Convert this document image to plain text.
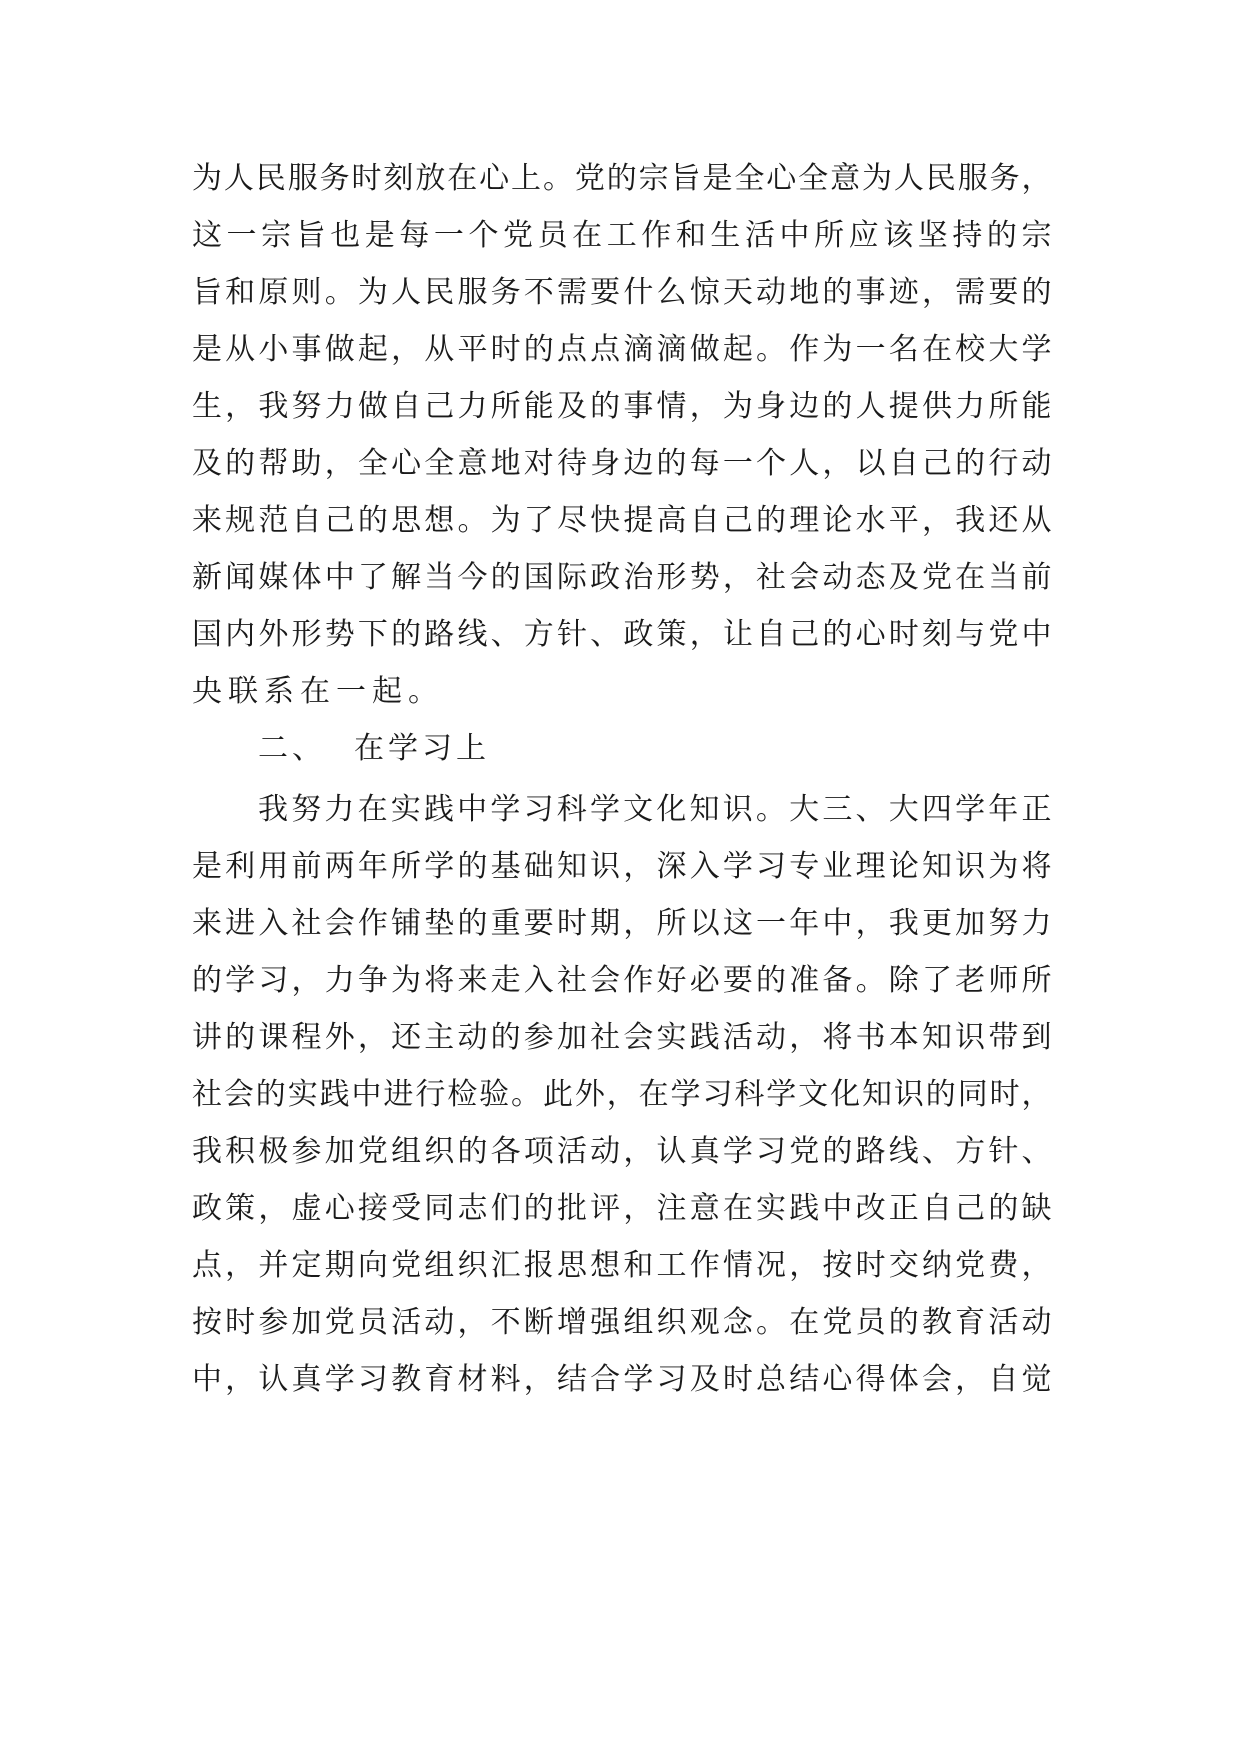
为人民服务时刻放在心上。党的宗旨是全心全意为人民服务，
这一宗旨也是每一个党员在工作和生活中所应该坚持的宗
旨和原则。为人民服务不需要什么惊天动地的事迹，需要的
是从小事做起，从平时的点点滴滴做起。作为一名在校大学
生，我努力做自己力所能及的事情，为身边的人提供力所能
及的帮助，全心全意地对待身边的每一个人，以自己的行动
来规范自己的思想。为了尽快提高自己的理论水平，我还从
新闻媒体中了解当今的国际政治形势，社会动态及党在当前
国内外形势下的路线、方针、政策，让自己的心时刻与党中
央联系在一起。
二、 在学习上
我努力在实践中学习科学文化知识。大三、大四学年正
是利用前两年所学的基础知识，深入学习专业理论知识为将
来进入社会作铺垫的重要时期，所以这一年中，我更加努力
的学习，力争为将来走入社会作好必要的准备。除了老师所
讲的课程外，还主动的参加社会实践活动，将书本知识带到
社会的实践中进行检验。此外，在学习科学文化知识的同时，
我积极参加党组织的各项活动，认真学习党的路线、方针、
政策，虚心接受同志们的批评，注意在实践中改正自己的缺
点，并定期向党组织汇报思想和工作情况，按时交纳党费，
按时参加党员活动，不断增强组织观念。在党员的教育活动
中，认真学习教育材料，结合学习及时总结心得体会，自觉
